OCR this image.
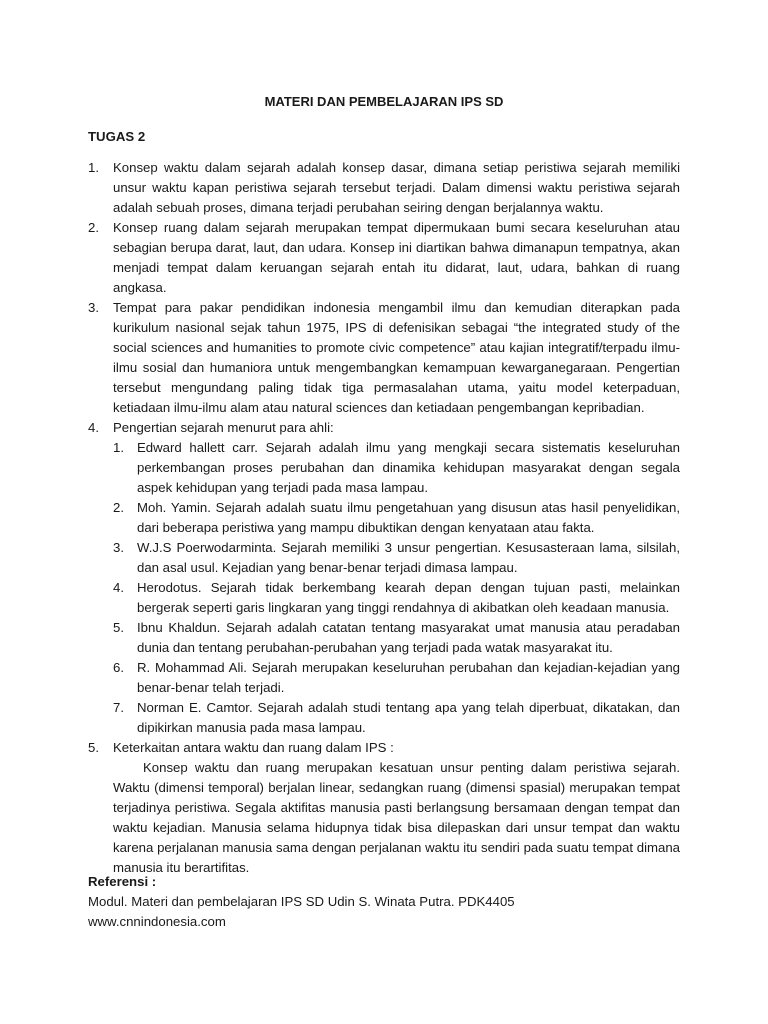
MATERI DAN PEMBELAJARAN IPS SD
TUGAS 2
1. Konsep waktu dalam sejarah adalah konsep dasar, dimana setiap peristiwa sejarah memiliki unsur waktu kapan peristiwa sejarah tersebut terjadi. Dalam dimensi waktu peristiwa sejarah adalah sebuah proses, dimana terjadi perubahan seiring dengan berjalannya waktu.
2. Konsep ruang dalam sejarah merupakan tempat dipermukaan bumi secara keseluruhan atau sebagian berupa darat, laut, dan udara. Konsep ini diartikan bahwa dimanapun tempatnya, akan menjadi tempat dalam keruangan sejarah entah itu didarat, laut, udara, bahkan di ruang angkasa.
3. Tempat para pakar pendidikan indonesia mengambil ilmu dan kemudian diterapkan pada kurikulum nasional sejak tahun 1975, IPS di defenisikan sebagai “the integrated study of the social sciences and humanities to promote civic competence” atau kajian integratif/terpadu ilmu-ilmu sosial dan humaniora untuk mengembangkan kemampuan kewarganegaraan. Pengertian tersebut mengundang paling tidak tiga permasalahan utama, yaitu model keterpaduan, ketiadaan ilmu-ilmu alam atau natural sciences dan ketiadaan pengembangan kepribadian.
4. Pengertian sejarah menurut para ahli:
1. Edward hallett carr. Sejarah adalah ilmu yang mengkaji secara sistematis keseluruhan perkembangan proses perubahan dan dinamika kehidupan masyarakat dengan segala aspek kehidupan yang terjadi pada masa lampau.
2. Moh. Yamin. Sejarah adalah suatu ilmu pengetahuan yang disusun atas hasil penyelidikan, dari beberapa peristiwa yang mampu dibuktikan dengan kenyataan atau fakta.
3. W.J.S Poerwodarminta. Sejarah memiliki 3 unsur pengertian. Kesusasteraan lama, silsilah, dan asal usul. Kejadian yang benar-benar terjadi dimasa lampau.
4. Herodotus. Sejarah tidak berkembang kearah depan dengan tujuan pasti, melainkan bergerak seperti garis lingkaran yang tinggi rendahnya di akibatkan oleh keadaan manusia.
5. Ibnu Khaldun. Sejarah adalah catatan tentang masyarakat umat manusia atau peradaban dunia dan tentang perubahan-perubahan yang terjadi pada watak masyarakat itu.
6. R. Mohammad Ali. Sejarah merupakan keseluruhan perubahan dan kejadian-kejadian yang benar-benar telah terjadi.
7. Norman E. Camtor. Sejarah adalah studi tentang apa yang telah diperbuat, dikatakan, dan dipikirkan manusia pada masa lampau.
5. Keterkaitan antara waktu dan ruang dalam IPS :
Konsep waktu dan ruang merupakan kesatuan unsur penting dalam peristiwa sejarah. Waktu (dimensi temporal) berjalan linear, sedangkan ruang (dimensi spasial) merupakan tempat terjadinya peristiwa. Segala aktifitas manusia pasti berlangsung bersamaan dengan tempat dan waktu kejadian. Manusia selama hidupnya tidak bisa dilepaskan dari unsur tempat dan waktu karena perjalanan manusia sama dengan perjalanan waktu itu sendiri pada suatu tempat dimana manusia itu berartifitas.
Referensi :
Modul. Materi dan pembelajaran IPS SD Udin S. Winata Putra. PDK4405
www.cnnindonesia.com
